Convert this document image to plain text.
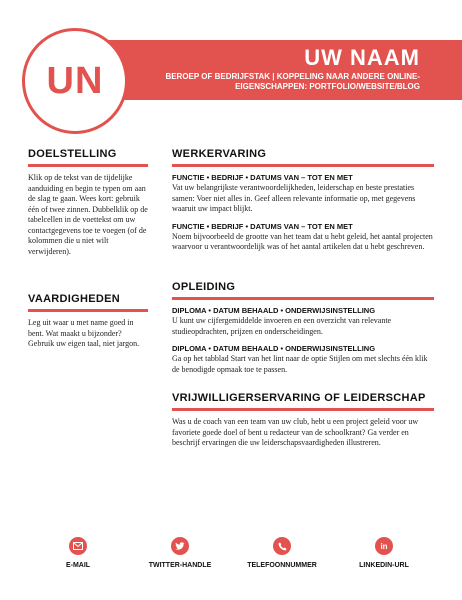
UN
UW NAAM
BEROEP OF BEDRIJFSTAK | KOPPELING NAAR ANDERE ONLINE-EIGENSCHAPPEN: PORTFOLIO/WEBSITE/BLOG
DOELSTELLING

Klik op de tekst van de tijdelijke aanduiding en begin te typen om aan de slag te gaan. Wees kort: gebruik één of twee zinnen. Dubbelklik op de tabelcellen in de voettekst om uw contactgegevens toe te voegen (of de kolommen die u niet wilt verwijderen).

VAARDIGHEDEN

Leg uit waar u met name goed in bent. Wat maakt u bijzonder? Gebruik uw eigen taal, niet jargon.

WERKERVARING

FUNCTIE • BEDRIJF • DATUMS VAN – TOT EN MET

Vat uw belangrijkste verantwoordelijkheden, leiderschap en beste prestaties samen: Voer niet alles in. Geef alleen relevante informatie op, met gegevens waaruit uw impact blijkt.

FUNCTIE • BEDRIJF • DATUMS VAN – TOT EN MET

Noem bijvoorbeeld de grootte van het team dat u hebt geleid, het aantal projecten waarvoor u verantwoordelijk was of het aantal artikelen dat u hebt geschreven.

OPLEIDING

DIPLOMA • DATUM BEHAALD • ONDERWIJSINSTELLING

U kunt uw cijfergemiddelde invoeren en een overzicht van relevante studieopdrachten, prijzen en onderscheidingen.

DIPLOMA • DATUM BEHAALD • ONDERWIJSINSTELLING

Ga op het tabblad Start van het lint naar de optie Stijlen om met slechts één klik de benodigde opmaak toe te passen.

VRIJWILLIGERSERVARING OF LEIDERSCHAP

Was u de coach van een team van uw club, hebt u een project geleid voor uw favoriete goede doel of bent u redacteur van de schoolkrant? Ga verder en beschrijf ervaringen die uw leiderschapsvaardigheden illustreren.

E-MAIL	TWITTER-HANDLE	TELEFOONNUMMER
in
LINKEDIN-URL
